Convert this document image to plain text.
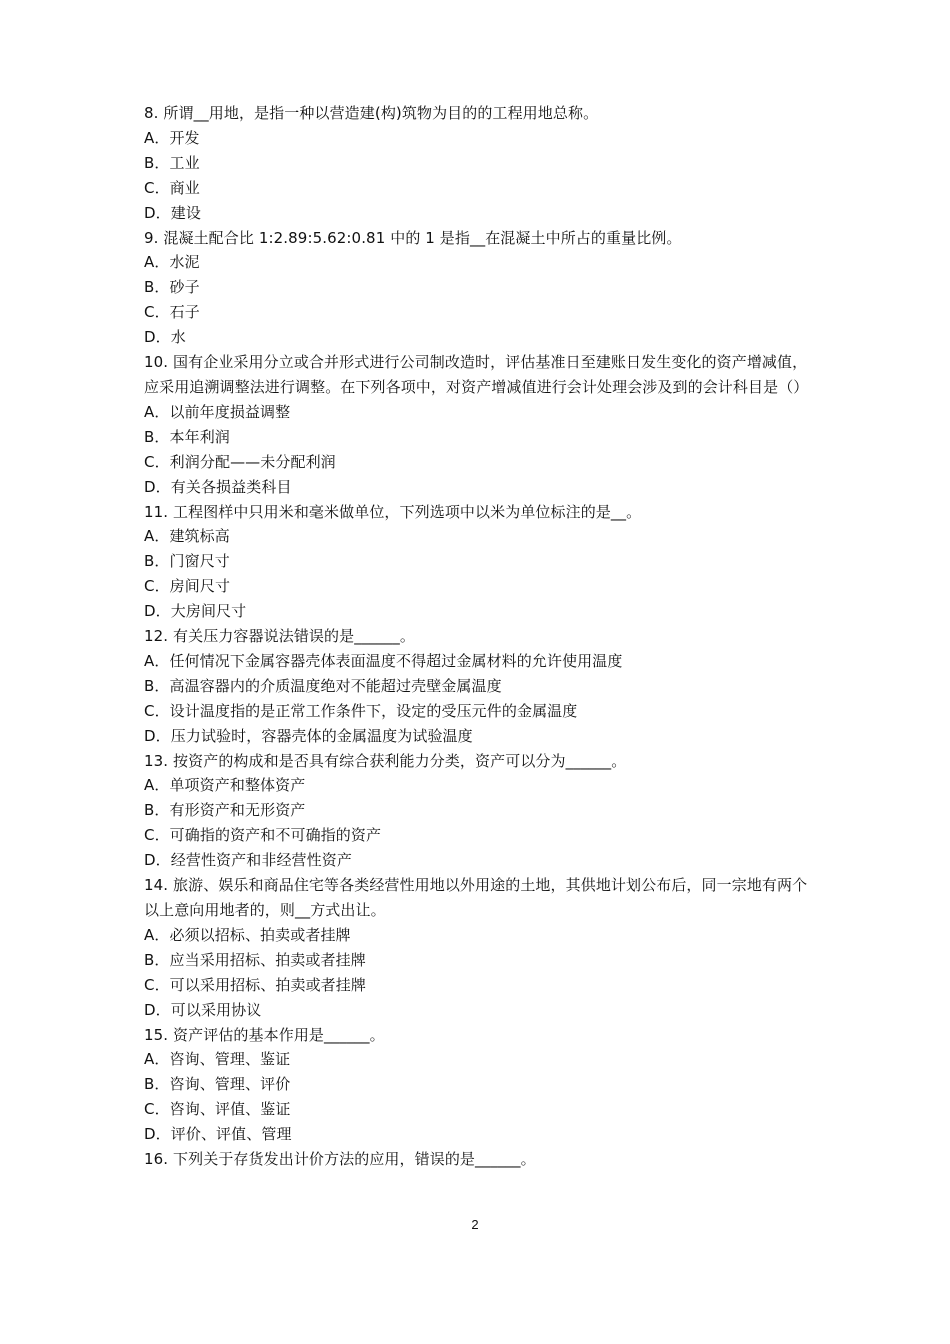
8. 所谓__用地，是指一种以营造建(构)筑物为目的的工程用地总称。
A．开发
B．工业
C．商业
D．建设
9. 混凝土配合比 1:2.89:5.62:0.81 中的 1 是指__在混凝土中所占的重量比例。
A．水泥
B．砂子
C．石子
D．水
10. 国有企业采用分立或合并形式进行公司制改造时，评估基准日至建账日发生变化的资产增减值，应采用追溯调整法进行调整。在下列各项中，对资产增减值进行会计处理会涉及到的会计科目是（）
A．以前年度损益调整
B．本年利润
C．利润分配——未分配利润
D．有关各损益类科目
11. 工程图样中只用米和毫米做单位，下列选项中以米为单位标注的是__。
A．建筑标高
B．门窗尺寸
C．房间尺寸
D．大房间尺寸
12. 有关压力容器说法错误的是______。
A．任何情况下金属容器壳体表面温度不得超过金属材料的允许使用温度
B．高温容器内的介质温度绝对不能超过壳壁金属温度
C．设计温度指的是正常工作条件下，设定的受压元件的金属温度
D．压力试验时，容器壳体的金属温度为试验温度
13. 按资产的构成和是否具有综合获利能力分类，资产可以分为______。
A．单项资产和整体资产
B．有形资产和无形资产
C．可确指的资产和不可确指的资产
D．经营性资产和非经营性资产
14. 旅游、娱乐和商品住宅等各类经营性用地以外用途的土地，其供地计划公布后，同一宗地有两个以上意向用地者的，则__方式出让。
A．必须以招标、拍卖或者挂牌
B．应当采用招标、拍卖或者挂牌
C．可以采用招标、拍卖或者挂牌
D．可以采用协议
15. 资产评估的基本作用是______。
A．咨询、管理、鉴证
B．咨询、管理、评价
C．咨询、评值、鉴证
D．评价、评值、管理
16. 下列关于存货发出计价方法的应用，错误的是______。
2
